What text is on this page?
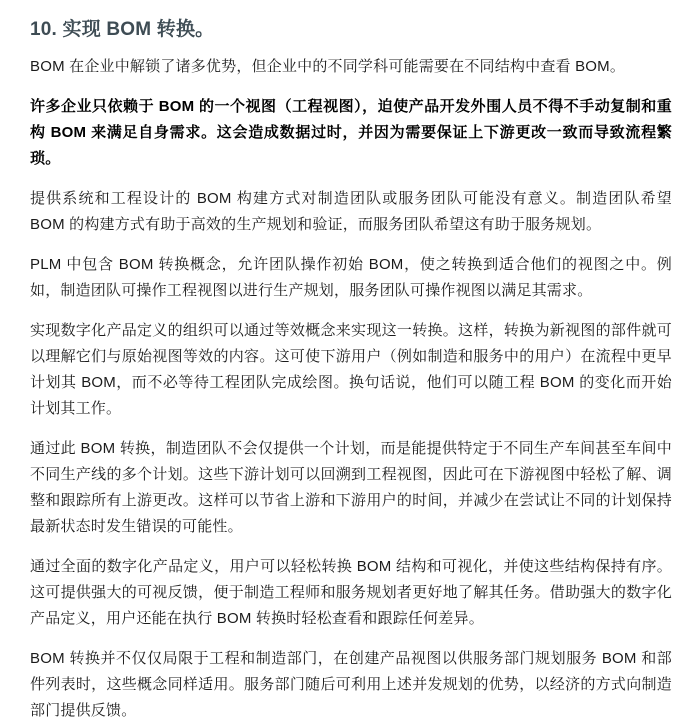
10. 实现 BOM 转换。

BOM 在企业中解锁了诸多优势，但企业中的不同学科可能需要在不同结构中查看 BOM。

许多企业只依赖于 BOM 的一个视图（工程视图），迫使产品开发外围人员不得不手动复制和重构 BOM 来满足自身需求。这会造成数据过时，并因为需要保证上下游更改一致而导致流程繁琐。

提供系统和工程设计的 BOM 构建方式对制造团队或服务团队可能没有意义。制造团队希望 BOM 的构建方式有助于高效的生产规划和验证，而服务团队希望这有助于服务规划。

PLM 中包含 BOM 转换概念，允许团队操作初始 BOM，使之转换到适合他们的视图之中。例如，制造团队可操作工程视图以进行生产规划，服务团队可操作视图以满足其需求。

实现数字化产品定义的组织可以通过等效概念来实现这一转换。这样，转换为新视图的部件就可以理解它们与原始视图等效的内容。这可使下游用户（例如制造和服务中的用户）在流程中更早计划其 BOM，而不必等待工程团队完成绘图。换句话说，他们可以随工程 BOM 的变化而开始计划其工作。

通过此 BOM 转换，制造团队不会仅提供一个计划，而是能提供特定于不同生产车间甚至车间中不同生产线的多个计划。这些下游计划可以回溯到工程视图，因此可在下游视图中轻松了解、调整和跟踪所有上游更改。这样可以节省上游和下游用户的时间，并减少在尝试让不同的计划保持最新状态时发生错误的可能性。

通过全面的数字化产品定义，用户可以轻松转换 BOM 结构和可视化，并使这些结构保持有序。这可提供强大的可视反馈，便于制造工程师和服务规划者更好地了解其任务。借助强大的数字化产品定义，用户还能在执行 BOM 转换时轻松查看和跟踪任何差异。

BOM 转换并不仅仅局限于工程和制造部门，在创建产品视图以供服务部门规划服务 BOM 和部件列表时，这些概念同样适用。服务部门随后可利用上述并发规划的优势，以经济的方式向制造部门提供反馈。
